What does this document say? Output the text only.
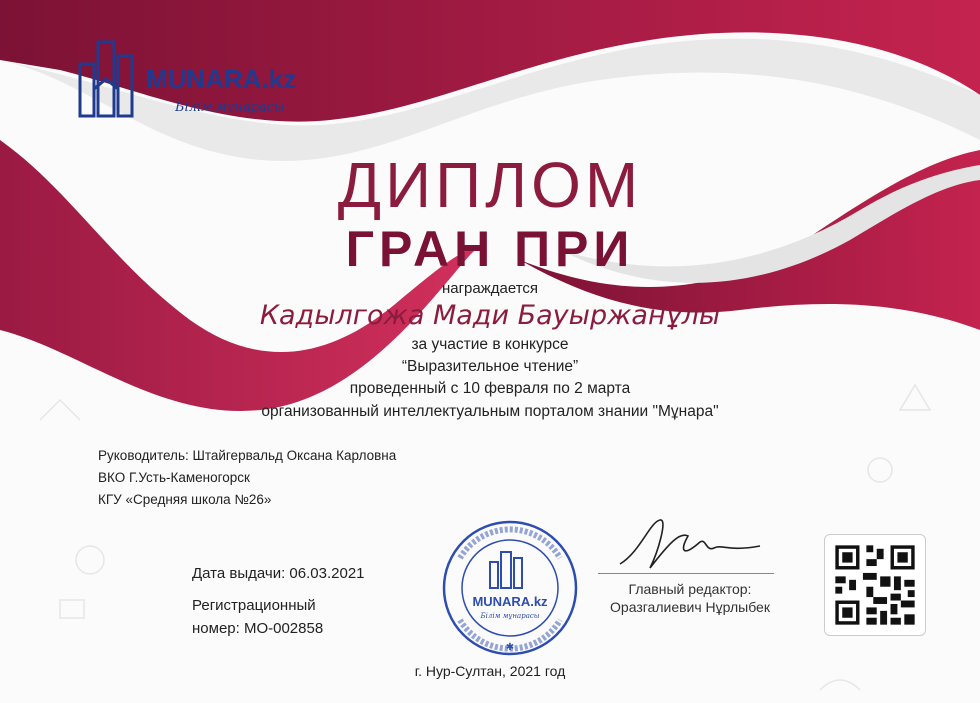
MUNARA.kz
Білім мұнарасы
ДИПЛОМ
ГРАН ПРИ
награждается
Кадылгожа Мади Бауыржанұлы
за участие в конкурсе
“Выразительное чтение”
проведенный с 10 февраля по 2 марта
организованный интеллектуальным порталом знании "Мұнара"
Руководитель: Штайгервальд Оксана Карловна
ВКО Г.Усть-Каменогорск
КГУ «Средняя школа №26»
Дата выдачи: 06.03.2021
Регистрационный
номер: МО-002858
MUNARA.kz
Білім мұнарасы
✱
Главный редактор:
Оразгалиевич Нұрлыбек
г. Нур-Султан, 2021 год
